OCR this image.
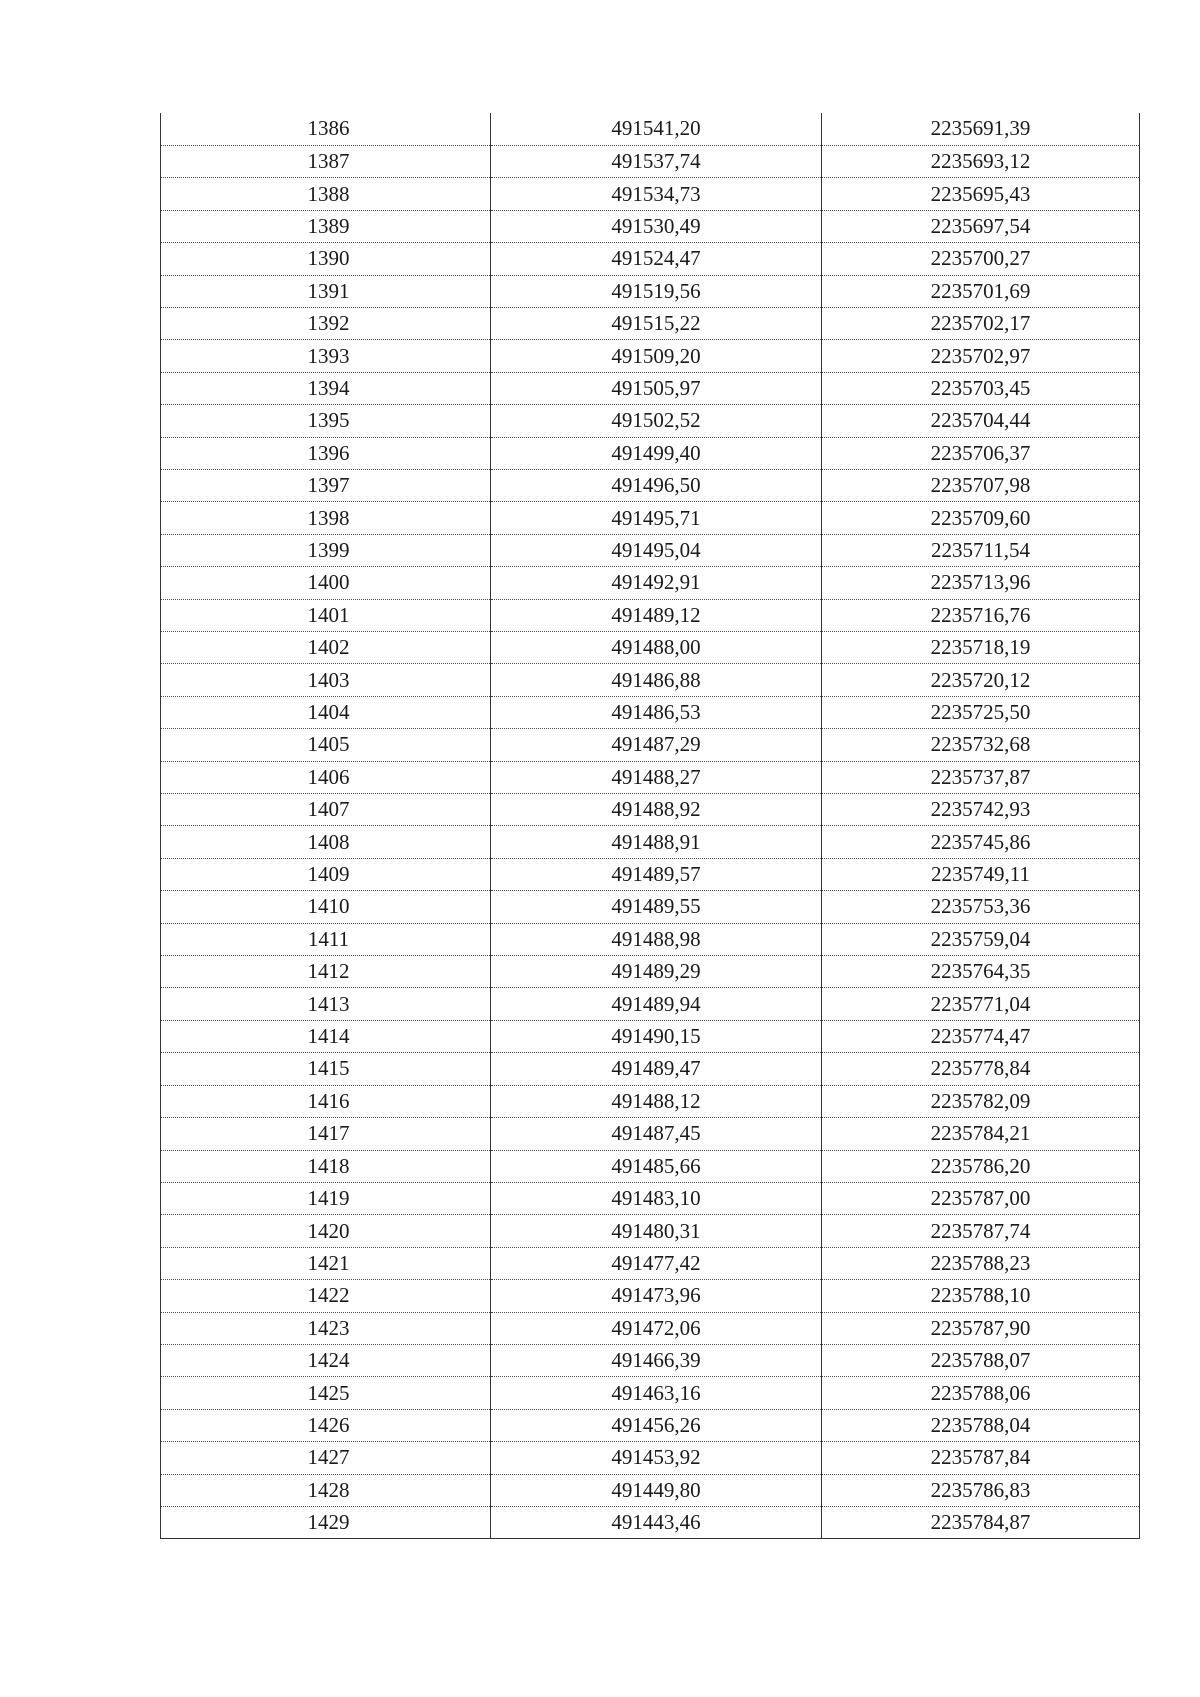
1386	491541,20	2235691,39
1387	491537,74	2235693,12
1388	491534,73	2235695,43
1389	491530,49	2235697,54
1390	491524,47	2235700,27
1391	491519,56	2235701,69
1392	491515,22	2235702,17
1393	491509,20	2235702,97
1394	491505,97	2235703,45
1395	491502,52	2235704,44
1396	491499,40	2235706,37
1397	491496,50	2235707,98
1398	491495,71	2235709,60
1399	491495,04	2235711,54
1400	491492,91	2235713,96
1401	491489,12	2235716,76
1402	491488,00	2235718,19
1403	491486,88	2235720,12
1404	491486,53	2235725,50
1405	491487,29	2235732,68
1406	491488,27	2235737,87
1407	491488,92	2235742,93
1408	491488,91	2235745,86
1409	491489,57	2235749,11
1410	491489,55	2235753,36
1411	491488,98	2235759,04
1412	491489,29	2235764,35
1413	491489,94	2235771,04
1414	491490,15	2235774,47
1415	491489,47	2235778,84
1416	491488,12	2235782,09
1417	491487,45	2235784,21
1418	491485,66	2235786,20
1419	491483,10	2235787,00
1420	491480,31	2235787,74
1421	491477,42	2235788,23
1422	491473,96	2235788,10
1423	491472,06	2235787,90
1424	491466,39	2235788,07
1425	491463,16	2235788,06
1426	491456,26	2235788,04
1427	491453,92	2235787,84
1428	491449,80	2235786,83
1429	491443,46	2235784,87
